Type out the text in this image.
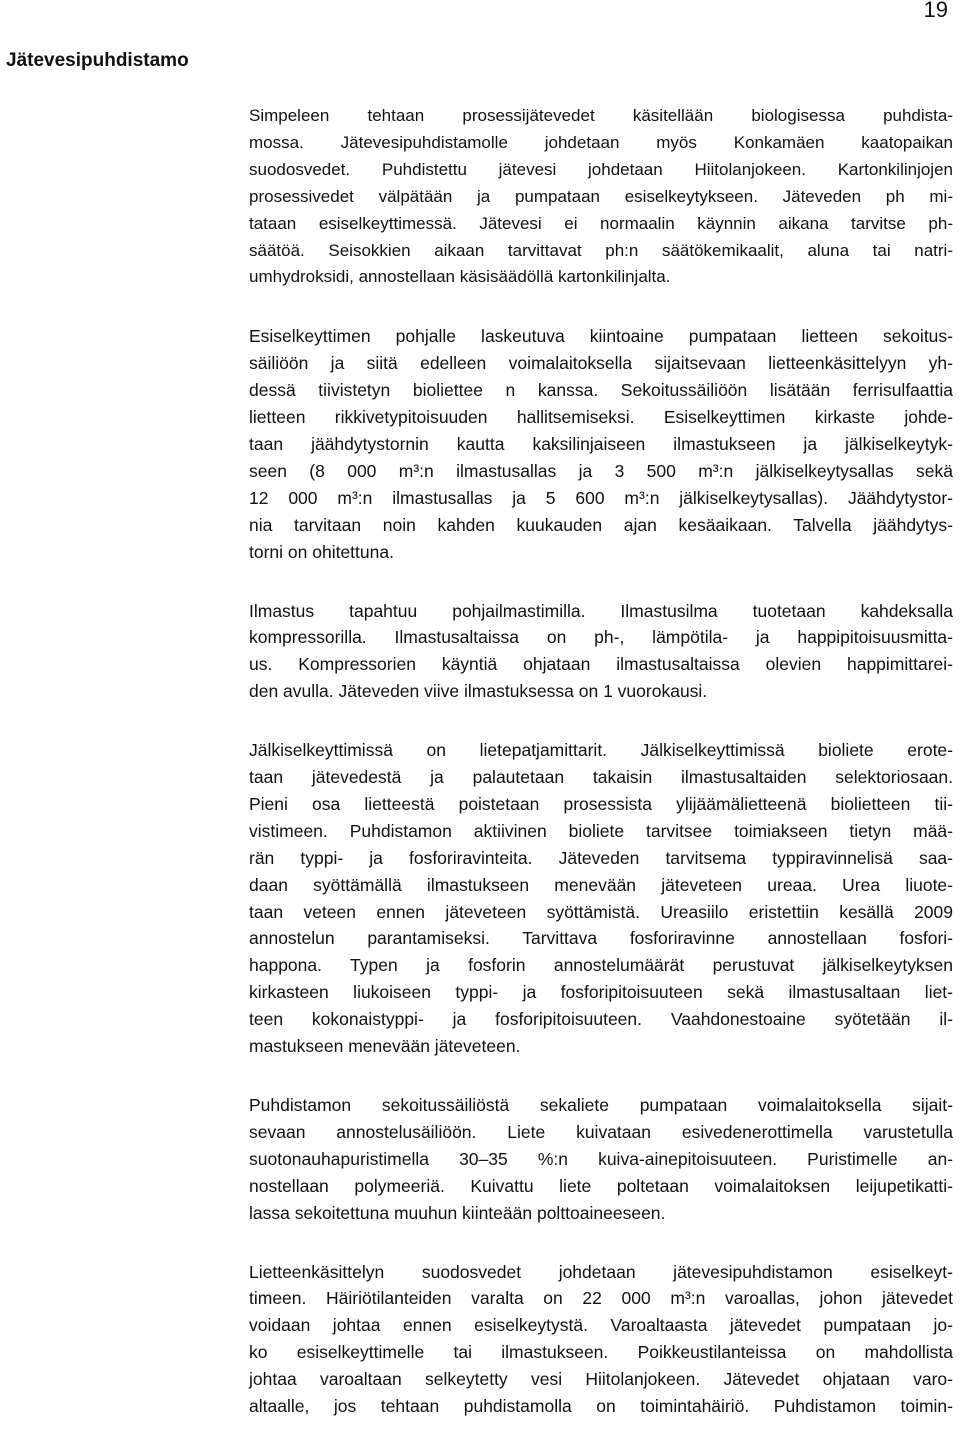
19
Jätevesipuhdistamo

Simpeleen tehtaan prosessijätevedet käsitellään biologisessa puhdista-
mossa. Jätevesipuhdistamolle johdetaan myös Konkamäen kaatopaikan
suodosvedet. Puhdistettu jätevesi johdetaan Hiitolanjokeen. Kartonkilinjojen
prosessivedet välpätään ja pumpataan esiselkeytykseen. Jäteveden ph mi-
tataan esiselkeyttimessä. Jätevesi ei normaalin käynnin aikana tarvitse ph-
säätöä. Seisokkien aikaan tarvittavat ph:n säätökemikaalit, aluna tai natri-
umhydroksidi, annostellaan käsisäädöllä kartonkilinjalta.

Esiselkeyttimen pohjalle laskeutuva kiintoaine pumpataan lietteen sekoitus-
säiliöön ja siitä edelleen voimalaitoksella sijaitsevaan lietteenkäsittelyyn yh-
dessä tiivistetyn bioliettee n kanssa. Sekoitussäiliöön lisätään ferrisulfaattia
lietteen rikkivetypitoisuuden hallitsemiseksi. Esiselkeyttimen kirkaste johde-
taan jäähdytystornin kautta kaksilinjaiseen ilmastukseen ja jälkiselkeytyk-
seen (8 000 m³:n ilmastusallas ja 3 500 m³:n jälkiselkeytysallas sekä
12 000 m³:n ilmastusallas ja 5 600 m³:n jälkiselkeytysallas). Jäähdytystor-
nia tarvitaan noin kahden kuukauden ajan kesäaikaan. Talvella jäähdytys-
torni on ohitettuna.

Ilmastus tapahtuu pohjailmastimilla. Ilmastusilma tuotetaan kahdeksalla
kompressorilla. Ilmastusaltaissa on ph-, lämpötila- ja happipitoisuusmitta-
us. Kompressorien käyntiä ohjataan ilmastusaltaissa olevien happimittarei-
den avulla. Jäteveden viive ilmastuksessa on 1 vuorokausi.

Jälkiselkeyttimissä on lietepatjamittarit. Jälkiselkeyttimissä bioliete erote-
taan jätevedestä ja palautetaan takaisin ilmastusaltaiden selektoriosaan.
Pieni osa lietteestä poistetaan prosessista ylijäämälietteenä biolietteen tii-
vistimeen. Puhdistamon aktiivinen bioliete tarvitsee toimiakseen tietyn mää-
rän typpi- ja fosforiravinteita. Jäteveden tarvitsema typpiravinnelisä saa-
daan syöttämällä ilmastukseen menevään jäteveteen ureaa. Urea liuote-
taan veteen ennen jäteveteen syöttämistä. Ureasiilo eristettiin kesällä 2009
annostelun parantamiseksi. Tarvittava fosforiravinne annostellaan fosfori-
happona. Typen ja fosforin annostelumäärät perustuvat jälkiselkeytyksen
kirkasteen liukoiseen typpi- ja fosforipitoisuuteen sekä ilmastusaltaan liet-
teen kokonaistyppi- ja fosforipitoisuuteen. Vaahdonestoaine syötetään il-
mastukseen menevään jäteveteen.

Puhdistamon sekoitussäiliöstä sekaliete pumpataan voimalaitoksella sijait-
sevaan annostelusäiliöön. Liete kuivataan esivedenerottimella varustetulla
suotonauhapuristimella 30–35 %:n kuiva-ainepitoisuuteen. Puristimelle an-
nostellaan polymeeriä. Kuivattu liete poltetaan voimalaitoksen leijupetikatti-
lassa sekoitettuna muuhun kiinteään polttoaineeseen.

Lietteenkäsittelyn suodosvedet johdetaan jätevesipuhdistamon esiselkeyt-
timeen. Häiriötilanteiden varalta on 22 000 m³:n varoallas, johon jätevedet
voidaan johtaa ennen esiselkeytystä. Varoaltaasta jätevedet pumpataan jo-
ko esiselkeyttimelle tai ilmastukseen. Poikkeustilanteissa on mahdollista
johtaa varoaltaan selkeytetty vesi Hiitolanjokeen. Jätevedet ohjataan varo-
altaalle, jos tehtaan puhdistamolla on toimintahäiriö. Puhdistamon toimin-
